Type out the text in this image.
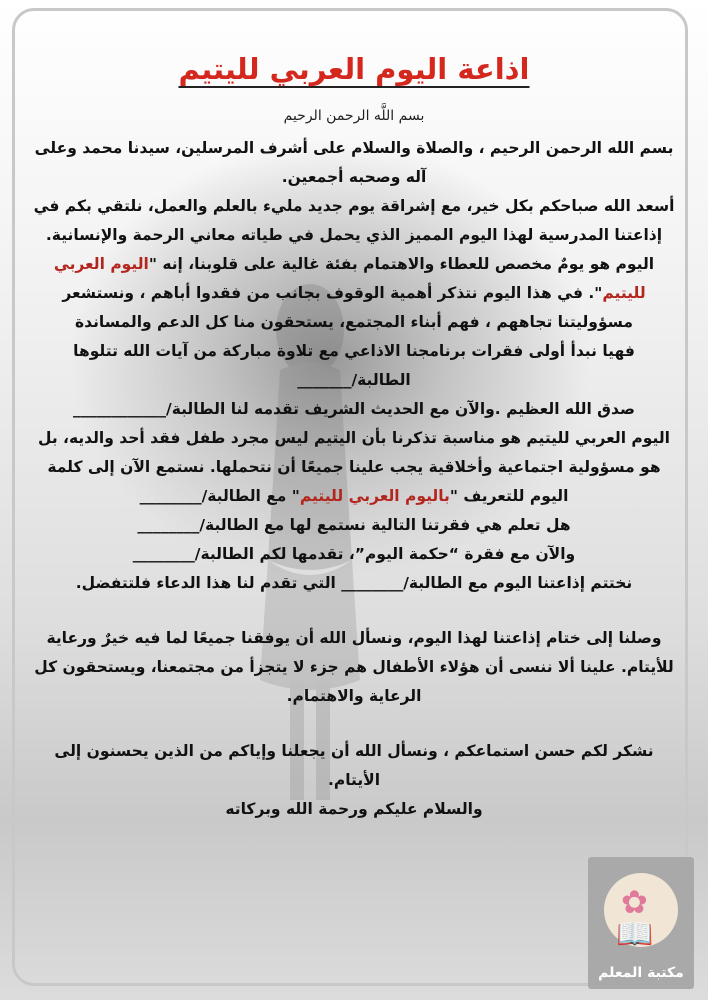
اذاعة اليوم العربي لليتيم
بسم اللَّه الرحمن الرحيم

بسم الله الرحمن الرحيم ، والصلاة والسلام على أشرف المرسلين، سيدنا محمد وعلى آله وصحبه أجمعين.

أسعد الله صباحكم بكل خير، مع إشراقة يوم جديد مليء بالعلم والعمل، نلتقي بكم في إذاعتنا المدرسية لهذا اليوم المميز الذي يحمل في طياته معاني الرحمة والإنسانية. اليوم هو يومٌ مخصص للعطاء والاهتمام بفئة غالية على قلوبنا، إنه "اليوم العربي لليتيم". في هذا اليوم نتذكر أهمية الوقوف بجانب من فقدوا أباهم ، ونستشعر مسؤوليتنا تجاههم ، فهم أبناء المجتمع، يستحقون منا كل الدعم والمساندة

فهيا نبدأ أولى فقرات برنامجنا الاذاعي مع تلاوة مباركة من آيات الله تتلوها الطالبة/_______

صدق الله العظيم .والآن مع الحديث الشريف تقدمه لنا الطالبة/____________

اليوم العربي لليتيم هو مناسبة تذكرنا بأن اليتيم ليس مجرد طفل فقد أحد والديه، بل هو مسؤولية اجتماعية وأخلاقية يجب علينا جميعًا أن نتحملها. نستمع الآن إلى كلمة اليوم للتعريف "باليوم العربي لليتيم" مع الطالبة/________

هل تعلم هي فقرتنا التالية نستمع لها مع الطالبة/________

والآن مع فقرة “حكمة اليوم”، تقدمها لكم الطالبة/________

نختتم إذاعتنا اليوم مع الطالبة/________ التي تقدم لنا هذا الدعاء فلتتفضل.

وصلنا إلى ختام إذاعتنا لهذا اليوم، ونسأل الله أن يوفقنا جميعًا لما فيه خيرٌ ورعاية للأيتام. علينا ألا ننسى أن هؤلاء الأطفال هم جزء لا يتجزأ من مجتمعنا، ويستحقون كل الرعاية والاهتمام.

نشكر لكم حسن استماعكم ، ونسأل الله أن يجعلنا وإياكم من الذين يحسنون إلى الأيتام.

والسلام عليكم ورحمة الله وبركاته

✿
📖
مكتبة المعلم
